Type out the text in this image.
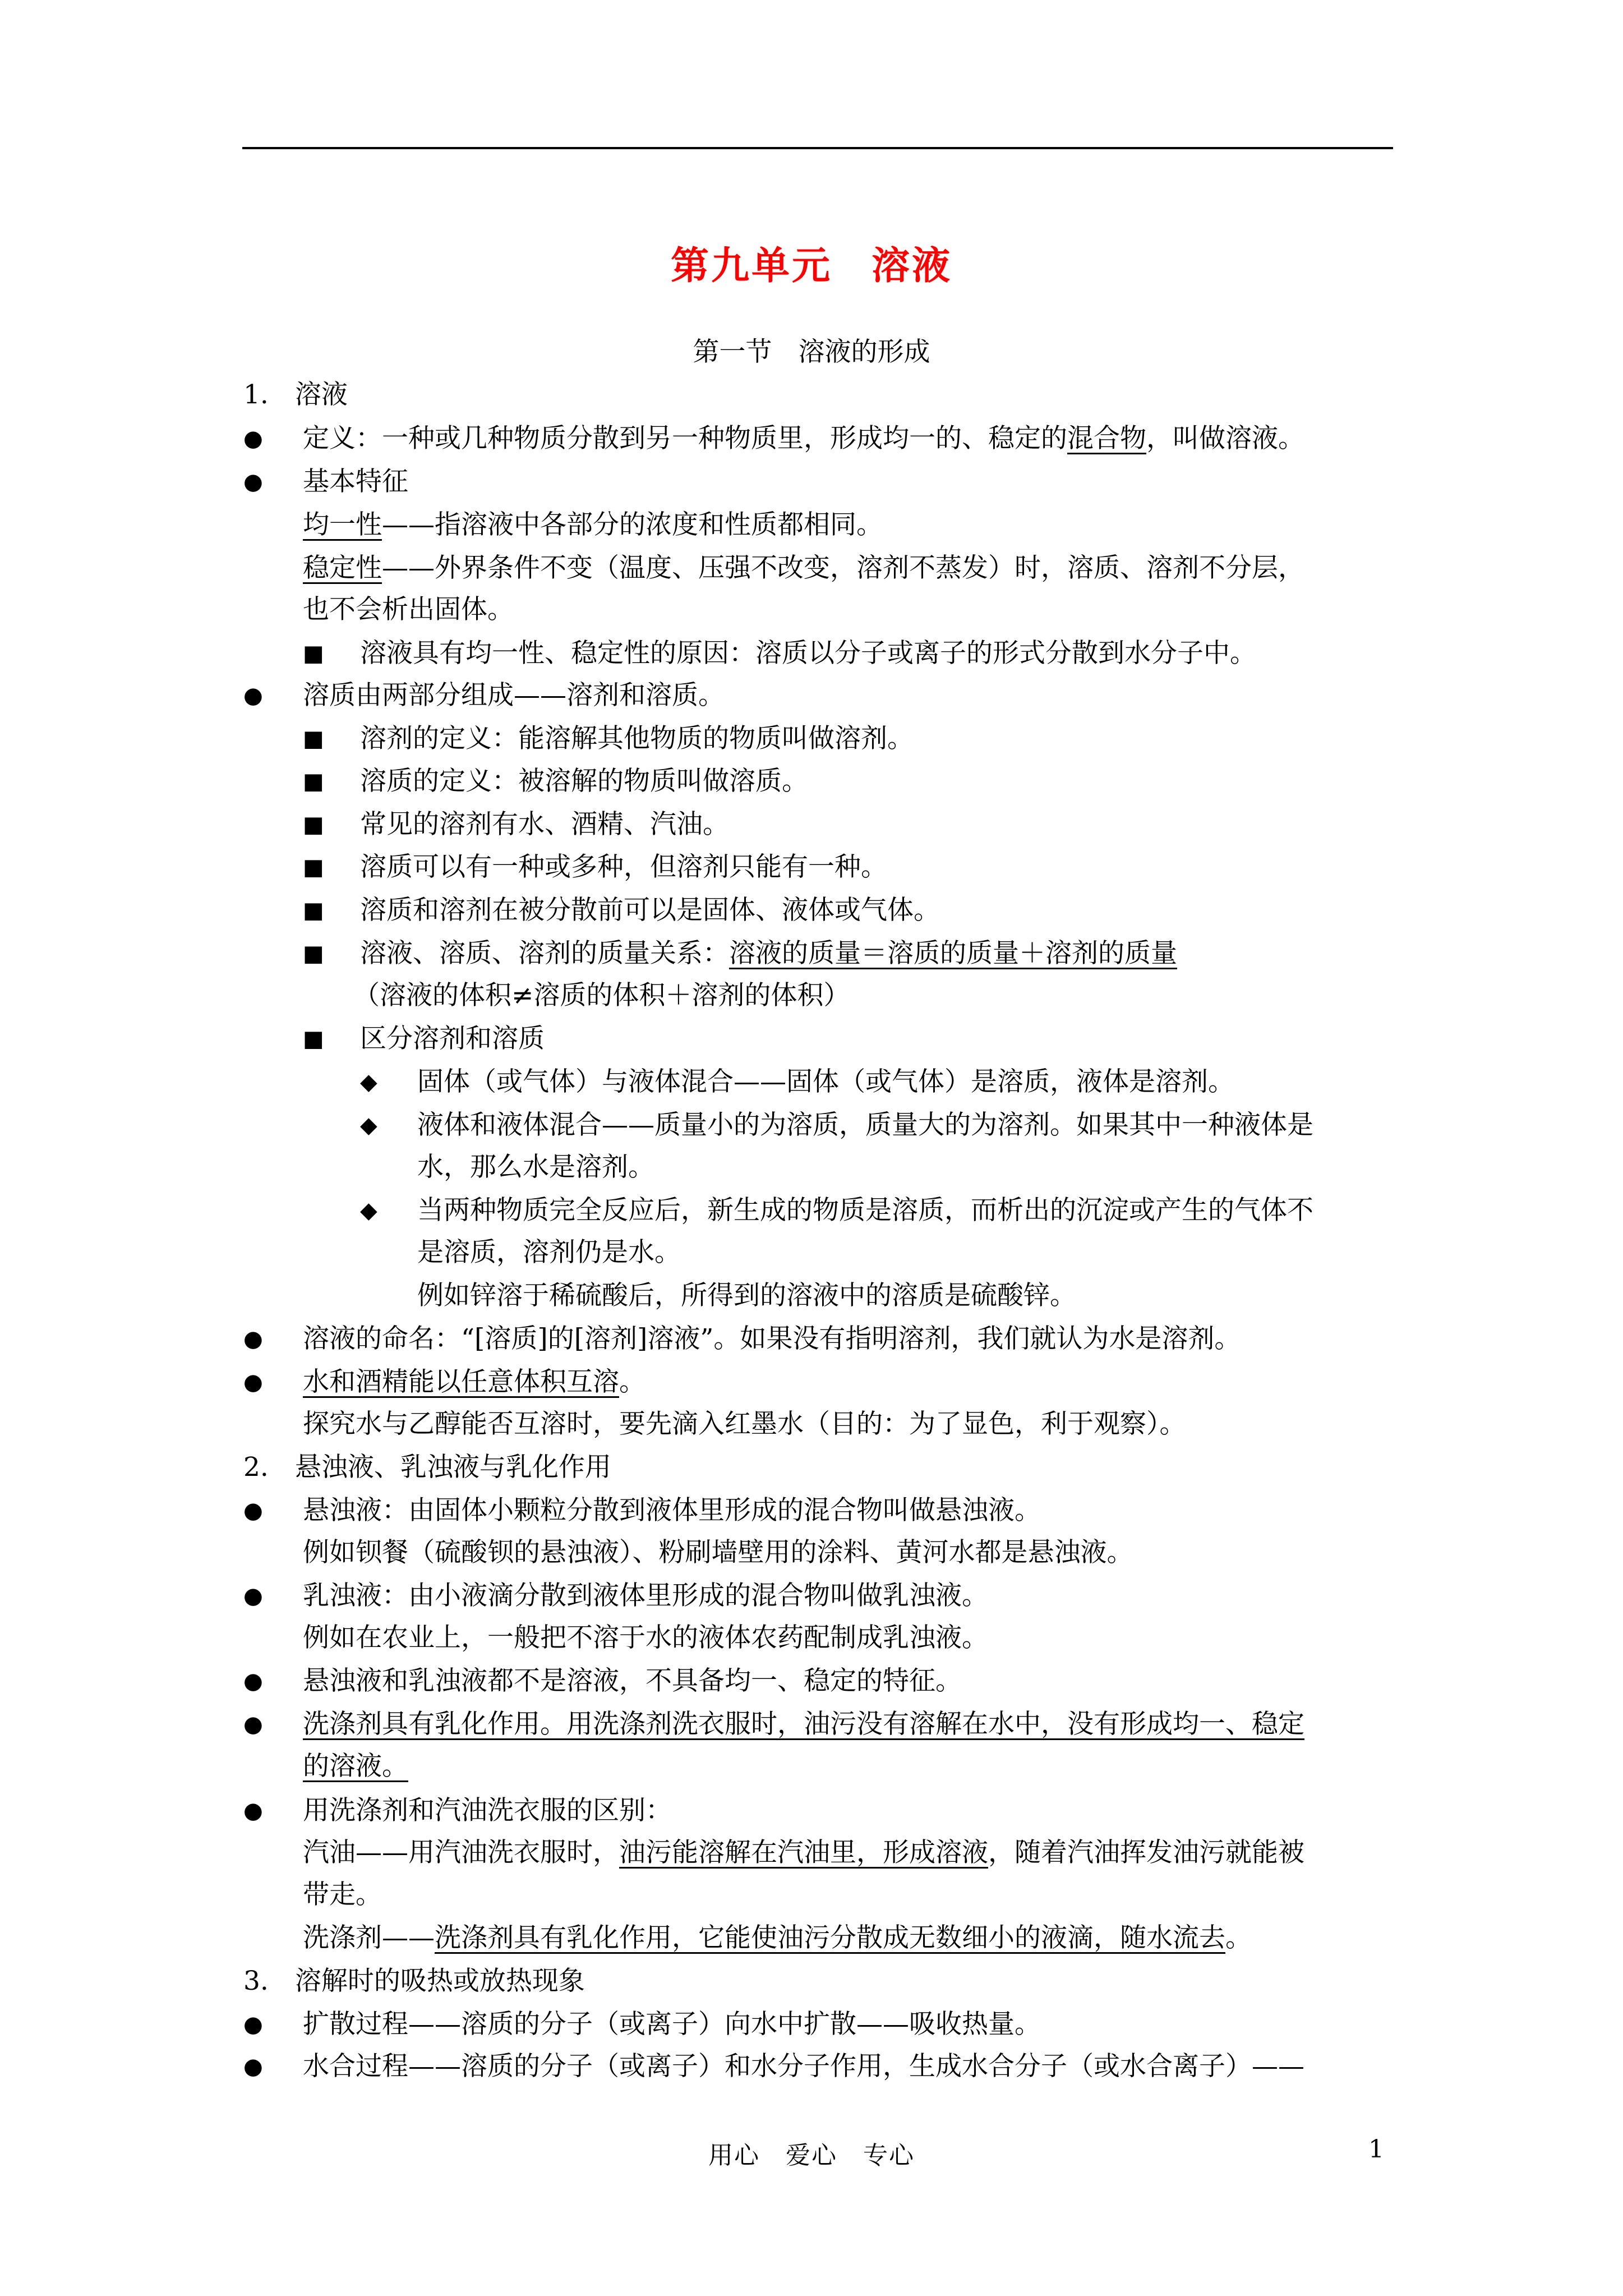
第九单元 溶液
第一节　溶液的形成
1.　溶液
● 定义：一种或几种物质分散到另一种物质里，形成均一的、稳定的混合物，叫做溶液。
● 基本特征
均一性——指溶液中各部分的浓度和性质都相同。
稳定性——外界条件不变（温度、压强不改变，溶剂不蒸发）时，溶质、溶剂不分层，
也不会析出固体。
■ 溶液具有均一性、稳定性的原因：溶质以分子或离子的形式分散到水分子中。
● 溶质由两部分组成——溶剂和溶质。
■ 溶剂的定义：能溶解其他物质的物质叫做溶剂。
■ 溶质的定义：被溶解的物质叫做溶质。
■ 常见的溶剂有水、酒精、汽油。
■ 溶质可以有一种或多种，但溶剂只能有一种。
■ 溶质和溶剂在被分散前可以是固体、液体或气体。
■ 溶液、溶质、溶剂的质量关系：溶液的质量＝溶质的质量＋溶剂的质量
（溶液的体积≠溶质的体积＋溶剂的体积）
■ 区分溶剂和溶质
◆ 固体（或气体）与液体混合——固体（或气体）是溶质，液体是溶剂。
◆ 液体和液体混合——质量小的为溶质，质量大的为溶剂。如果其中一种液体是
水，那么水是溶剂。
◆ 当两种物质完全反应后，新生成的物质是溶质，而析出的沉淀或产生的气体不
是溶质，溶剂仍是水。
例如锌溶于稀硫酸后，所得到的溶液中的溶质是硫酸锌。
● 溶液的命名：“[溶质]的[溶剂]溶液”。如果没有指明溶剂，我们就认为水是溶剂。
● 水和酒精能以任意体积互溶。
探究水与乙醇能否互溶时，要先滴入红墨水（目的：为了显色，利于观察）。
2.　悬浊液、乳浊液与乳化作用
● 悬浊液：由固体小颗粒分散到液体里形成的混合物叫做悬浊液。
例如钡餐（硫酸钡的悬浊液）、粉刷墙壁用的涂料、黄河水都是悬浊液。
● 乳浊液：由小液滴分散到液体里形成的混合物叫做乳浊液。
例如在农业上，一般把不溶于水的液体农药配制成乳浊液。
● 悬浊液和乳浊液都不是溶液，不具备均一、稳定的特征。
● 洗涤剂具有乳化作用。用洗涤剂洗衣服时，油污没有溶解在水中，没有形成均一、稳定
的溶液。
● 用洗涤剂和汽油洗衣服的区别：
汽油——用汽油洗衣服时，油污能溶解在汽油里，形成溶液，随着汽油挥发油污就能被
带走。
洗涤剂——洗涤剂具有乳化作用，它能使油污分散成无数细小的液滴，随水流去。
3.　溶解时的吸热或放热现象
● 扩散过程——溶质的分子（或离子）向水中扩散——吸收热量。
● 水合过程——溶质的分子（或离子）和水分子作用，生成水合分子（或水合离子）——
用心　爱心　专心	1
